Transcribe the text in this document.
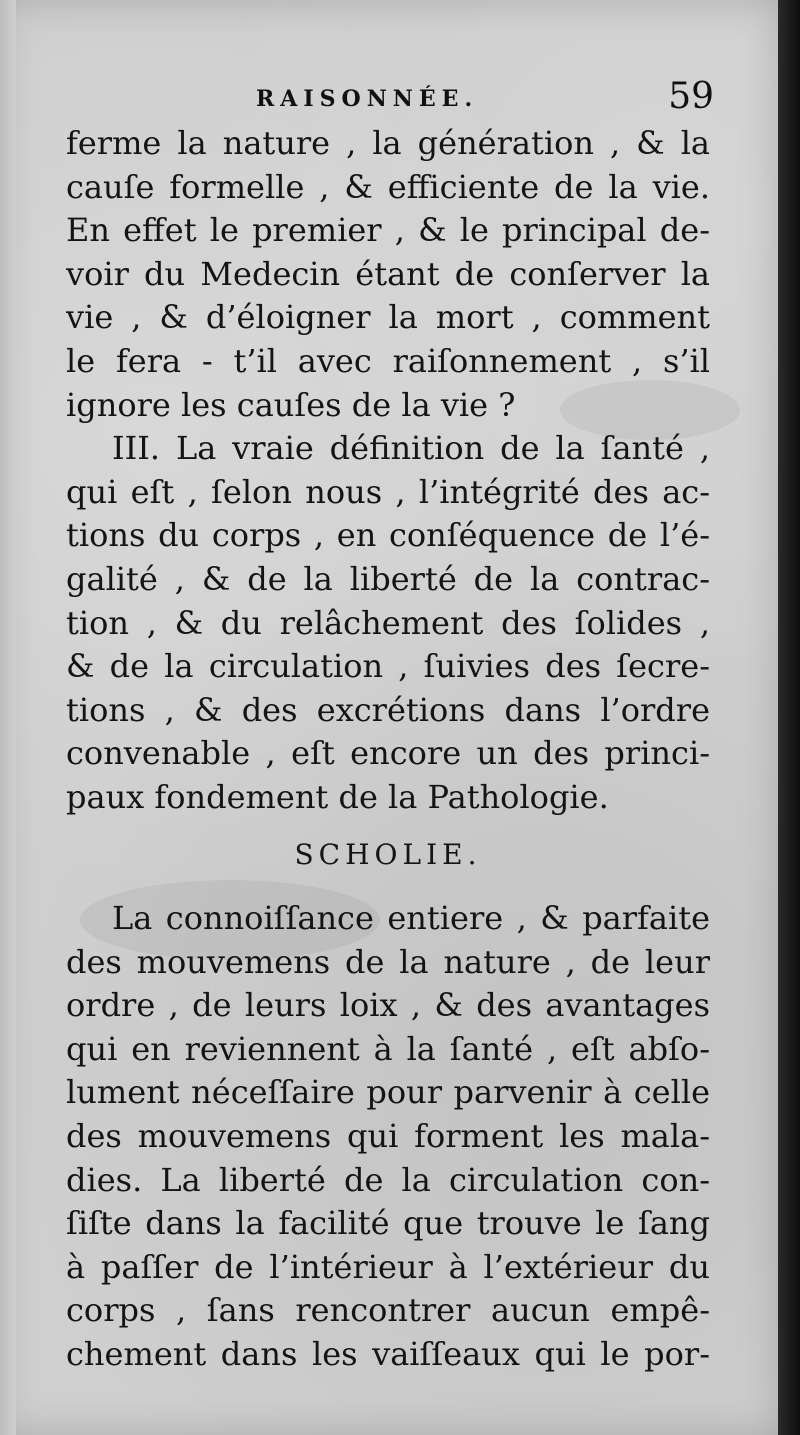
RAISONNÉE.	59
ferme la nature , la génération , & la
cauſe formelle , & efficiente de la vie.
En effet le premier , & le principal de-
voir du Medecin étant de conſerver la
vie , & d’éloigner la mort , comment
le fera - t’il avec raiſonnement , s’il
ignore les cauſes de la vie ?
III. La vraie définition de la ſanté ,
qui eſt , ſelon nous , l’intégrité des ac-
tions du corps , en conſéquence de l’é-
galité , & de la liberté de la contrac-
tion , & du relâchement des ſolides ,
& de la circulation , ſuivies des ſecre-
tions , & des excrétions dans l’ordre
convenable , eſt encore un des princi-
paux fondement de la Pathologie.
SCHOLIE.
La connoiſſance entiere , & parfaite
des mouvemens de la nature , de leur
ordre , de leurs loix , & des avantages
qui en reviennent à la ſanté , eſt abſo-
lument néceſſaire pour parvenir à celle
des mouvemens qui forment les mala-
dies. La liberté de la circulation con-
ſiſte dans la facilité que trouve le ſang
à paſſer de l’intérieur à l’extérieur du
corps , ſans rencontrer aucun empê-
chement dans les vaiſſeaux qui le por-
